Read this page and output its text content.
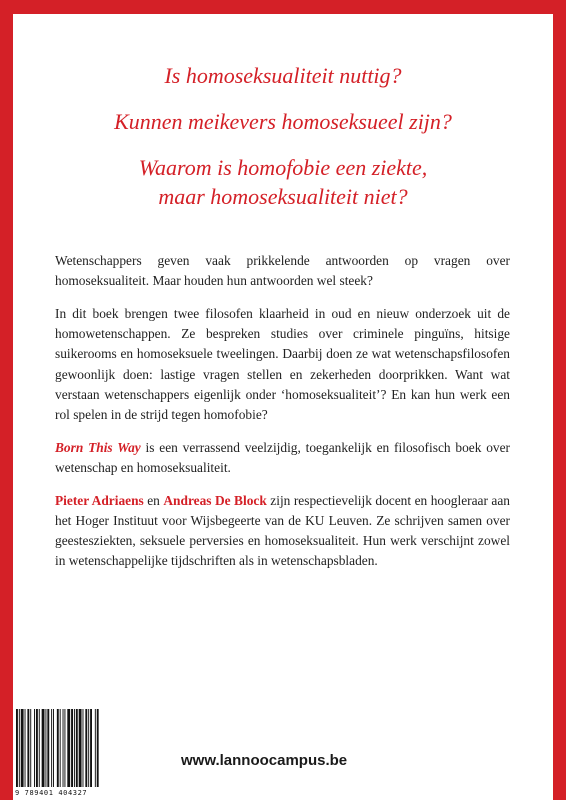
Is homoseksualiteit nuttig?

Kunnen meikevers homoseksueel zijn?

Waarom is homofobie een ziekte,

maar homoseksualiteit niet?

Wetenschappers geven vaak prikkelende antwoorden op vragen over homoseksualiteit. Maar houden hun antwoorden wel steek?

In dit boek brengen twee filosofen klaarheid in oud en nieuw onderzoek uit de homowetenschappen. Ze bespreken studies over criminele pinguïns, hitsige suikerooms en homoseksuele tweelingen. Daarbij doen ze wat wetenschapsfilosofen gewoonlijk doen: lastige vragen stellen en zekerheden doorprikken. Want wat verstaan wetenschappers eigenlijk onder ‘homoseksualiteit’? En kan hun werk een rol spelen in de strijd tegen homofobie?

Born This Way is een verrassend veelzijdig, toegankelijk en filosofisch boek over wetenschap en homoseksualiteit.

Pieter Adriaens en Andreas De Block zijn respectievelijk docent en hoogleraar aan het Hoger Instituut voor Wijsbegeerte van de KU Leuven. Ze schrijven samen over geestesziekten, seksuele perversies en homoseksualiteit. Hun werk verschijnt zowel in wetenschappelijke tijdschriften als in wetenschapsbladen.

9 789401 404327
www.lannoocampus.be
